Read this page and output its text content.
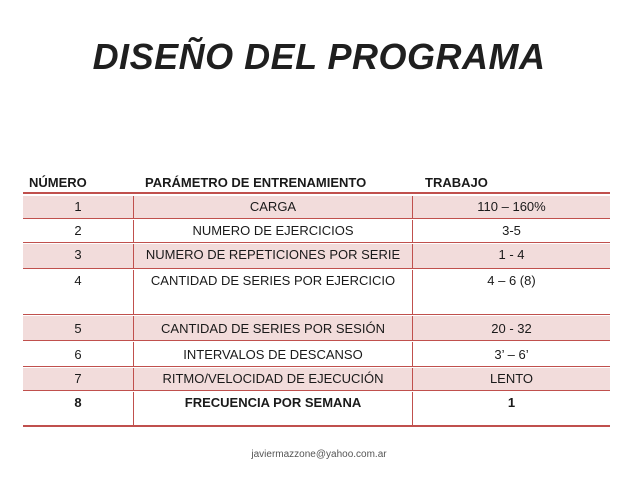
DISEÑO DEL PROGRAMA
NÚMERO	PARÁMETRO DE ENTRENAMIENTO	TRABAJO
1	CARGA	110 – 160%
2	NUMERO DE EJERCICIOS	3-5
3	NUMERO DE REPETICIONES POR SERIE	1 - 4
4	CANTIDAD DE SERIES POR EJERCICIO	4 – 6 (8)
5	CANTIDAD DE SERIES POR SESIÓN	20 - 32
6	INTERVALOS DE DESCANSO	3’ – 6’
7	RITMO/VELOCIDAD DE EJECUCIÓN	LENTO
8	FRECUENCIA POR SEMANA	1
javiermazzone@yahoo.com.ar
